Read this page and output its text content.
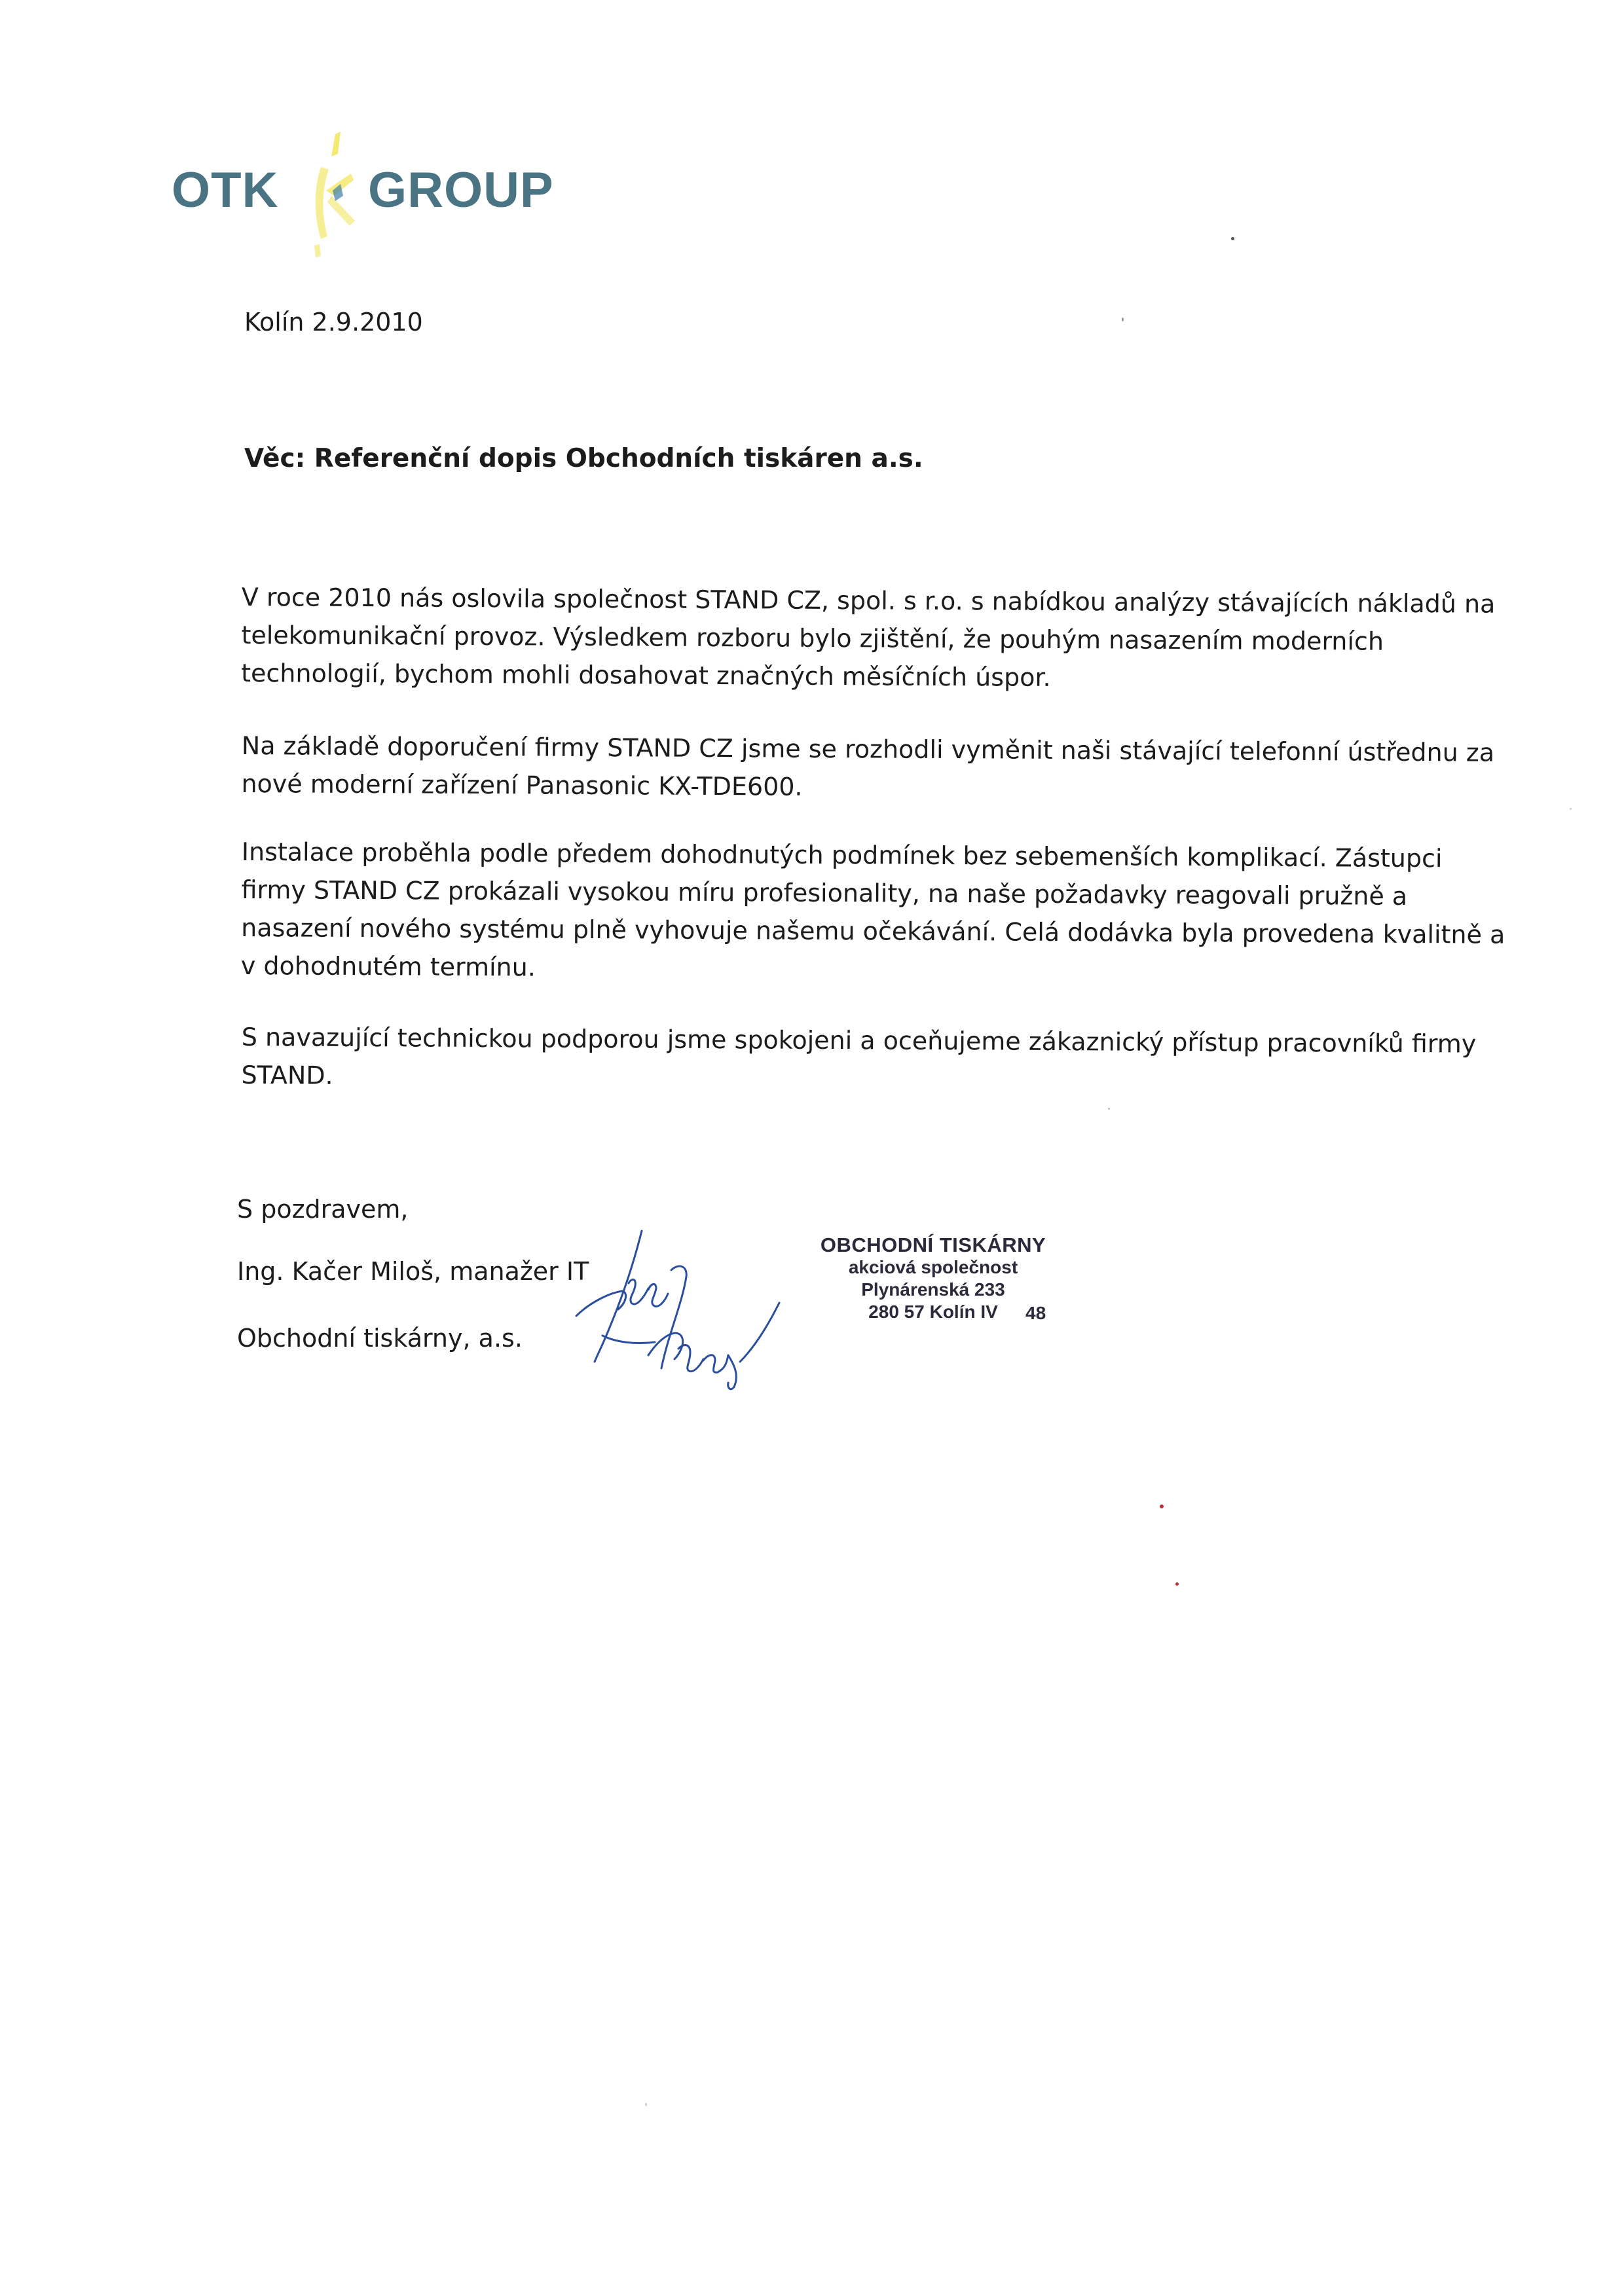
OTK GROUP
Kolín 2.9.2010
Věc: Referenční dopis Obchodních tiskáren a.s.
V roce 2010 nás oslovila společnost STAND CZ, spol. s r.o. s nabídkou analýzy stávajících nákladů na
telekomunikační provoz. Výsledkem rozboru bylo zjištění, že pouhým nasazením moderních
technologií, bychom mohli dosahovat značných měsíčních úspor.
Na základě doporučení firmy STAND CZ jsme se rozhodli vyměnit naši stávající telefonní ústřednu za
nové moderní zařízení Panasonic KX-TDE600.
Instalace proběhla podle předem dohodnutých podmínek bez sebemenších komplikací. Zástupci
firmy STAND CZ prokázali vysokou míru profesionality, na naše požadavky reagovali pružně a
nasazení nového systému plně vyhovuje našemu očekávání. Celá dodávka byla provedena kvalitně a
v dohodnutém termínu.
S navazující technickou podporou jsme spokojeni a oceňujeme zákaznický přístup pracovníků firmy
STAND.
S pozdravem,
Ing. Kačer Miloš, manažer IT
Obchodní tiskárny, a.s.
OBCHODNÍ TISKÁRNY
akciová společnost
Plynárenská 233
280 57 Kolín IV	48
